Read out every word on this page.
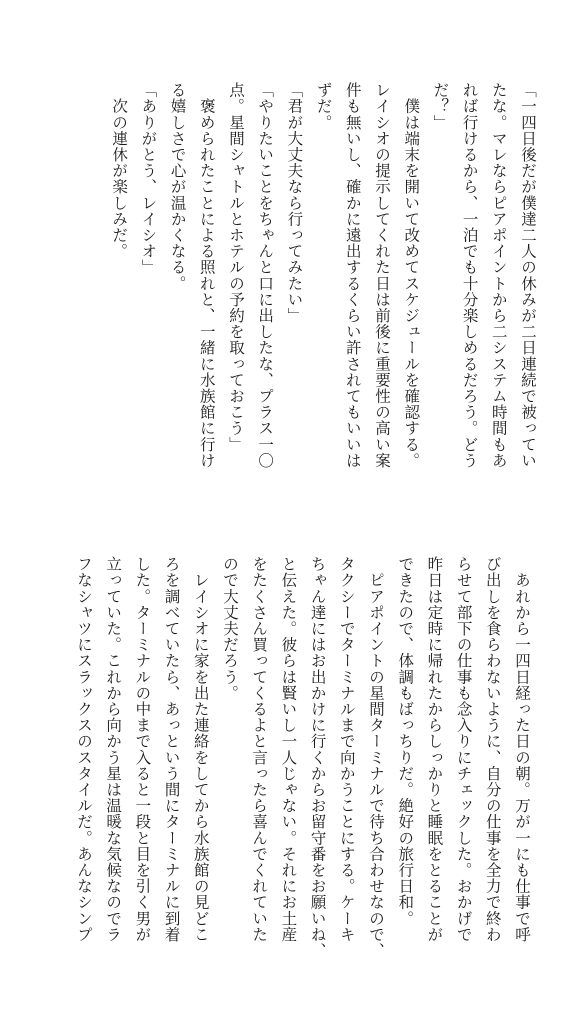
「一四日後だが僕達二人の休みが二日連続で被ってい
たな。マレならピアポイントから二システム時間もあ
れば行けるから、一泊でも十分楽しめるだろう。どう
だ？」
　僕は端末を開いて改めてスケジュールを確認する。
レイシオの提示してくれた日は前後に重要性の高い案
件も無いし、確かに遠出するくらい許されてもいいは
ずだ。
「君が大丈夫なら行ってみたい」
「やりたいことをちゃんと口に出したな、プラス一〇
点。星間シャトルとホテルの予約を取っておこう」
　褒められたことによる照れと、一緒に水族館に行け
る嬉しさで心が温かくなる。
「ありがとう、レイシオ」
　次の連休が楽しみだ。
　あれから一四日経った日の朝。万が一にも仕事で呼
び出しを食らわないように、自分の仕事を全力で終わ
らせて部下の仕事も念入りにチェックした。おかげで
昨日は定時に帰れたからしっかりと睡眠をとることが
できたので、体調もばっちりだ。絶好の旅行日和。
　ピアポイントの星間ターミナルで待ち合わせなので、
タクシーでターミナルまで向かうことにする。ケーキ
ちゃん達にはお出かけに行くからお留守番をお願いね、
と伝えた。彼らは賢いし一人じゃない。それにお土産
をたくさん買ってくるよと言ったら喜んでくれていた
ので大丈夫だろう。
　レイシオに家を出た連絡をしてから水族館の見どこ
ろを調べていたら、あっという間にターミナルに到着
した。ターミナルの中まで入ると一段と目を引く男が
立っていた。これから向かう星は温暖な気候なのでラ
フなシャツにスラックスのスタイルだ。あんなシンプ
